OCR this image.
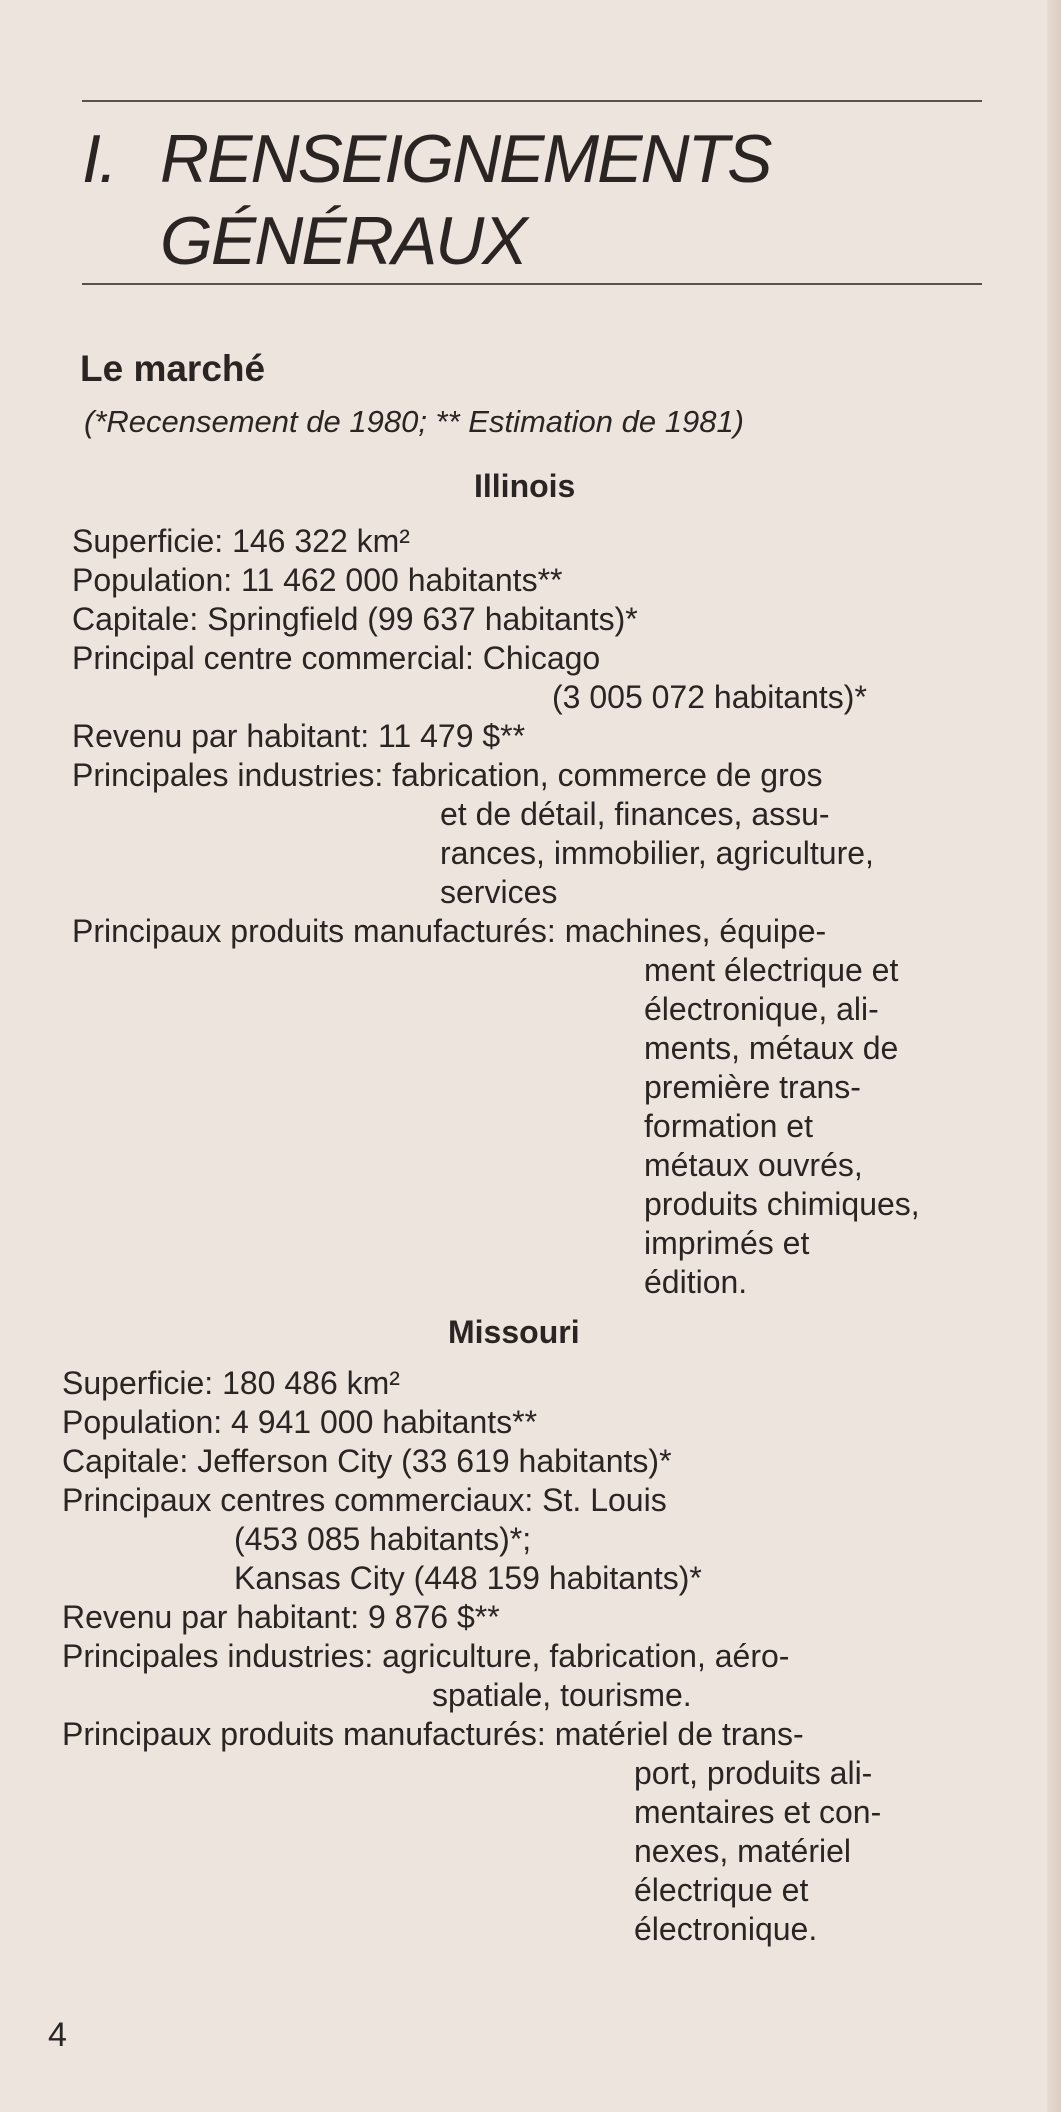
I. RENSEIGNEMENTS
GÉNÉRAUX
Le marché
(*Recensement de 1980; ** Estimation de 1981)
Illinois
Superficie: 146 322 km²
Population: 11 462 000 habitants**
Capitale: Springfield (99 637 habitants)*
Principal centre commercial: Chicago
(3 005 072 habitants)*
Revenu par habitant: 11 479 $**
Principales industries: fabrication, commerce de gros
et de détail, finances, assu-
rances, immobilier, agriculture,
services
Principaux produits manufacturés: machines, équipe-
ment électrique et
électronique, ali-
ments, métaux de
première trans-
formation et
métaux ouvrés,
produits chimiques,
imprimés et
édition.
Missouri
Superficie: 180 486 km²
Population: 4 941 000 habitants**
Capitale: Jefferson City (33 619 habitants)*
Principaux centres commerciaux: St. Louis
(453 085 habitants)*;
Kansas City (448 159 habitants)*
Revenu par habitant: 9 876 $**
Principales industries: agriculture, fabrication, aéro-
spatiale, tourisme.
Principaux produits manufacturés: matériel de trans-
port, produits ali-
mentaires et con-
nexes, matériel
électrique et
électronique.
4
